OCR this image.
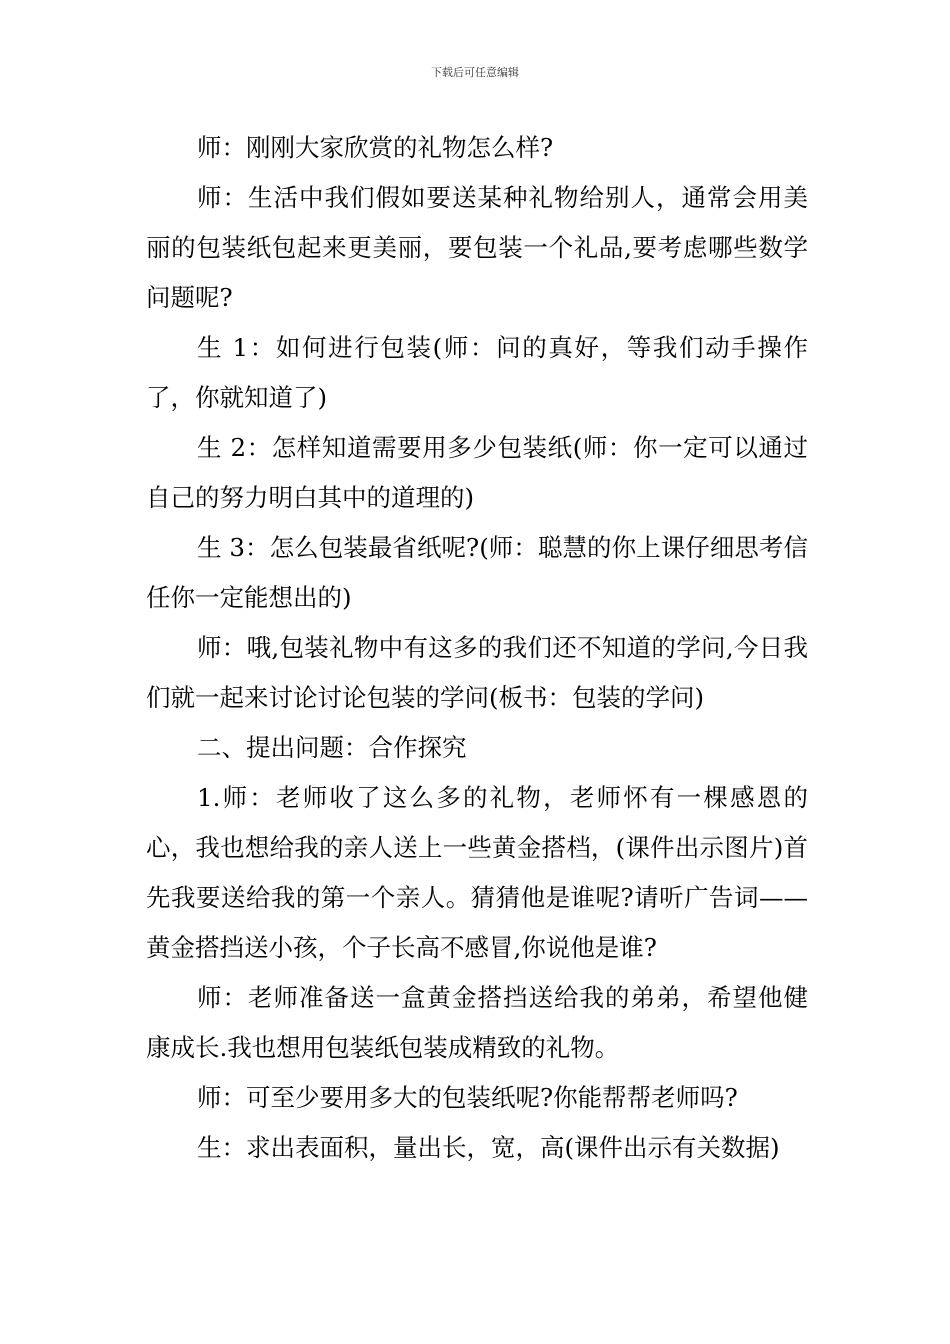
下载后可任意编辑

师：刚刚大家欣赏的礼物怎么样?

师：生活中我们假如要送某种礼物给别人，通常会用美丽的包装纸包起来更美丽，要包装一个礼品,要考虑哪些数学问题呢?

生 1：如何进行包装(师：问的真好，等我们动手操作了，你就知道了)

生 2：怎样知道需要用多少包装纸(师：你一定可以通过自己的努力明白其中的道理的)

生 3：怎么包装最省纸呢?(师：聪慧的你上课仔细思考信任你一定能想出的)

师：哦,包装礼物中有这多的我们还不知道的学问,今日我们就一起来讨论讨论包装的学问(板书：包装的学问)

二、提出问题：合作探究

1.师：老师收了这么多的礼物，老师怀有一棵感恩的心，我也想给我的亲人送上一些黄金搭档，(课件出示图片)首先我要送给我的第一个亲人。猜猜他是谁呢?请听广告词——黄金搭挡送小孩，个子长高不感冒,你说他是谁?

师：老师准备送一盒黄金搭挡送给我的弟弟，希望他健康成长.我也想用包装纸包装成精致的礼物。

师：可至少要用多大的包装纸呢?你能帮帮老师吗?

生：求出表面积，量出长，宽，高(课件出示有关数据)
